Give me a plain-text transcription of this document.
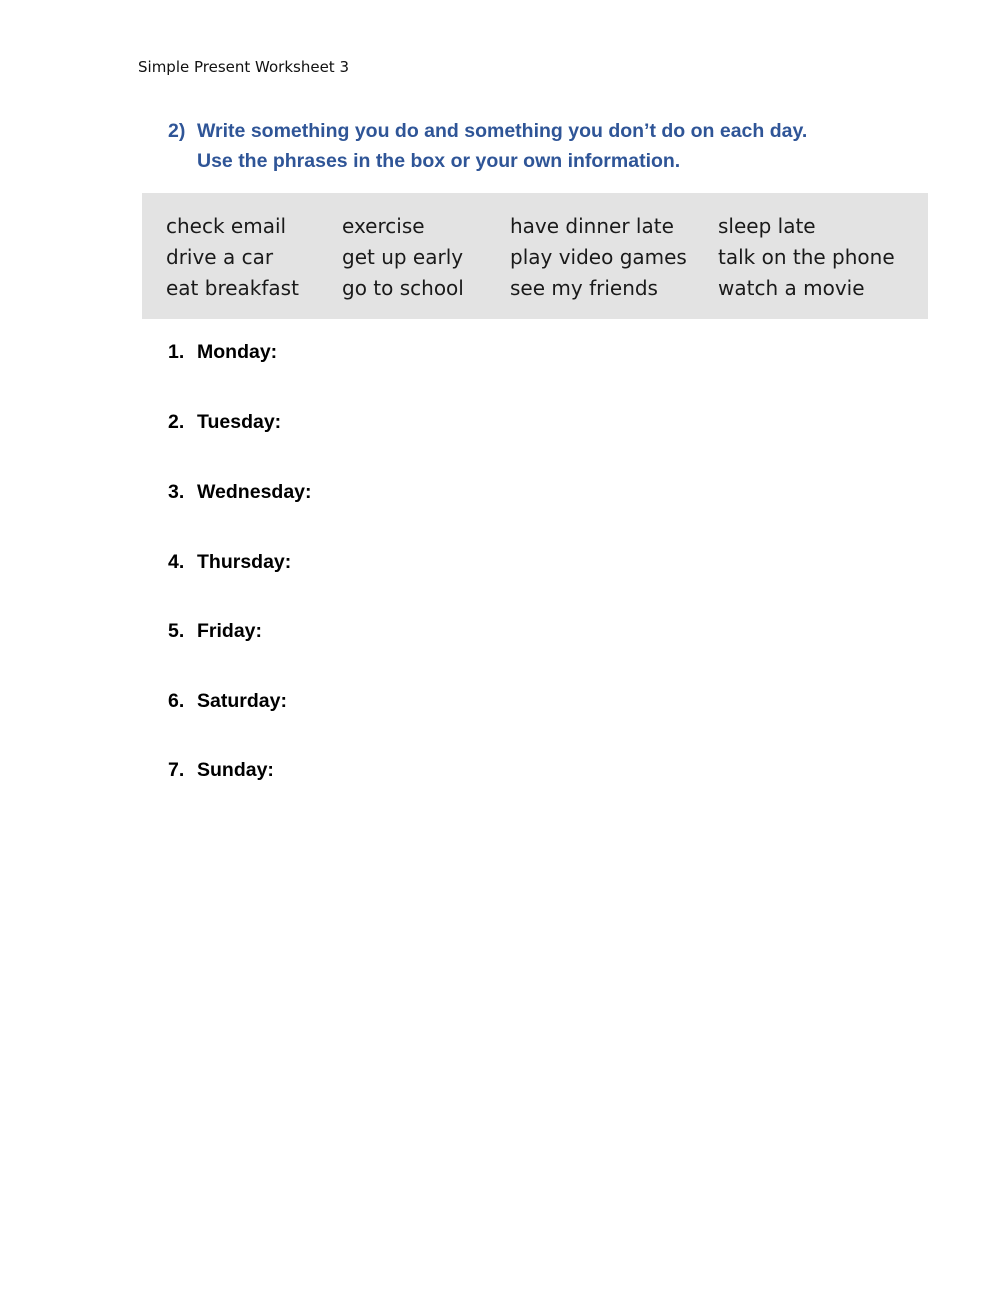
Simple Present Worksheet 3
2) Write something you do and something you don’t do on each day.
Use the phrases in the box or your own information.
check email
drive a car
eat breakfast
exercise
get up early
go to school
have dinner late
play video games
see my friends
sleep late
talk on the phone
watch a movie
1. Monday:
2. Tuesday:
3. Wednesday:
4. Thursday:
5. Friday:
6. Saturday:
7. Sunday:
